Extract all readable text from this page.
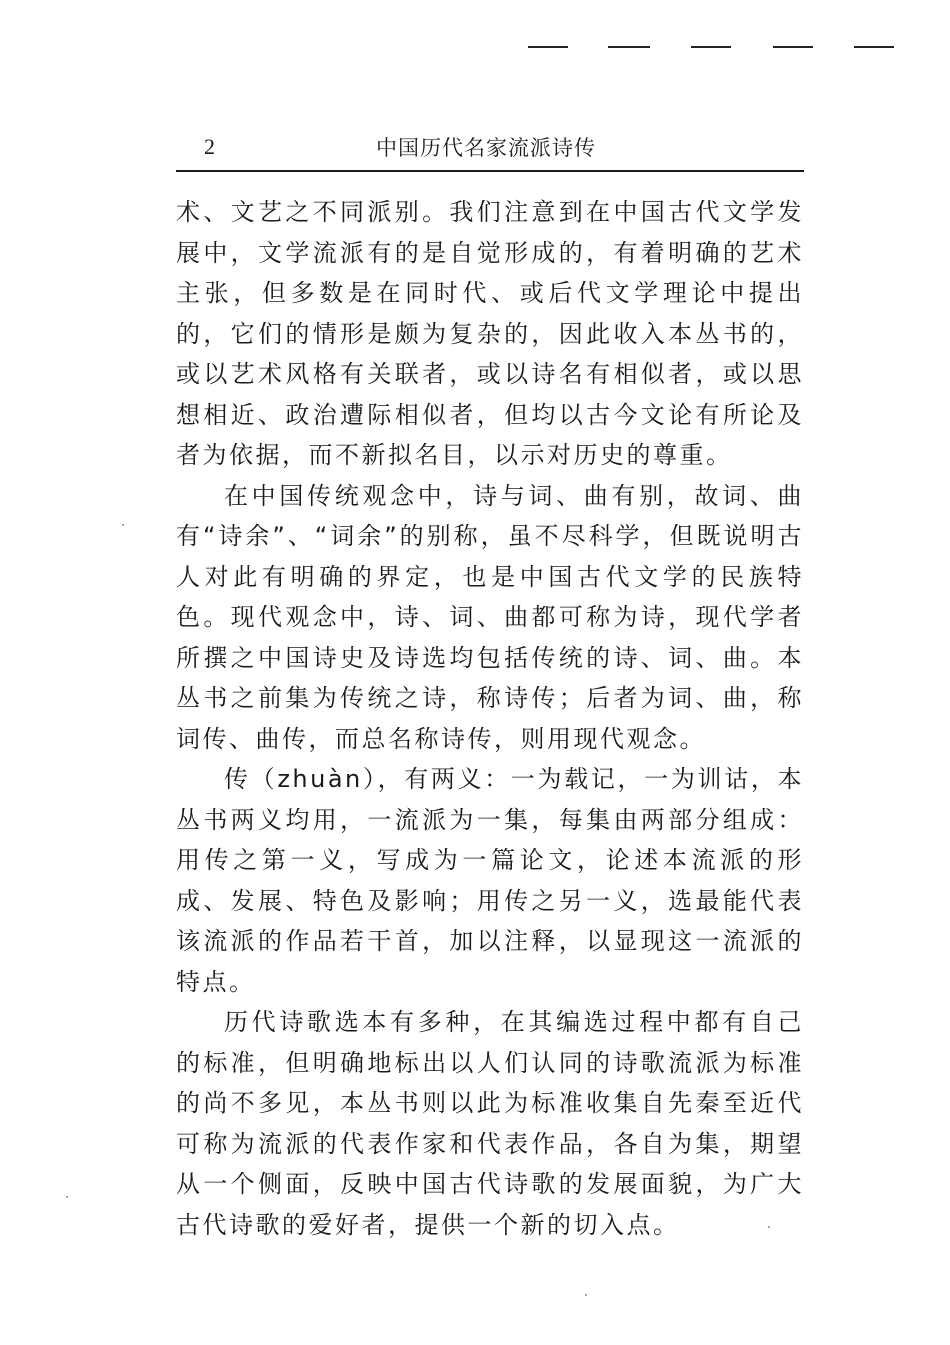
2	中国历代名家流派诗传

术、文艺之不同派别。我们注意到在中国古代文学发展中，文学流派有的是自觉形成的，有着明确的艺术主张，但多数是在同时代、或后代文学理论中提出的，它们的情形是颇为复杂的，因此收入本丛书的，或以艺术风格有关联者，或以诗名有相似者，或以思想相近、政治遭际相似者，但均以古今文论有所论及者为依据，而不新拟名目，以示对历史的尊重。

在中国传统观念中，诗与词、曲有别，故词、曲有“诗余”、“词余”的别称，虽不尽科学，但既说明古人对此有明确的界定，也是中国古代文学的民族特色。现代观念中，诗、词、曲都可称为诗，现代学者所撰之中国诗史及诗选均包括传统的诗、词、曲。本丛书之前集为传统之诗，称诗传；后者为词、曲，称词传、曲传，而总名称诗传，则用现代观念。

传（zhuàn），有两义：一为载记，一为训诂，本丛书两义均用，一流派为一集，每集由两部分组成：用传之第一义，写成为一篇论文，论述本流派的形成、发展、特色及影响；用传之另一义，选最能代表该流派的作品若干首，加以注释，以显现这一流派的特点。

历代诗歌选本有多种，在其编选过程中都有自己的标准，但明确地标出以人们认同的诗歌流派为标准的尚不多见，本丛书则以此为标准收集自先秦至近代可称为流派的代表作家和代表作品，各自为集，期望从一个侧面，反映中国古代诗歌的发展面貌，为广大古代诗歌的爱好者，提供一个新的切入点。
